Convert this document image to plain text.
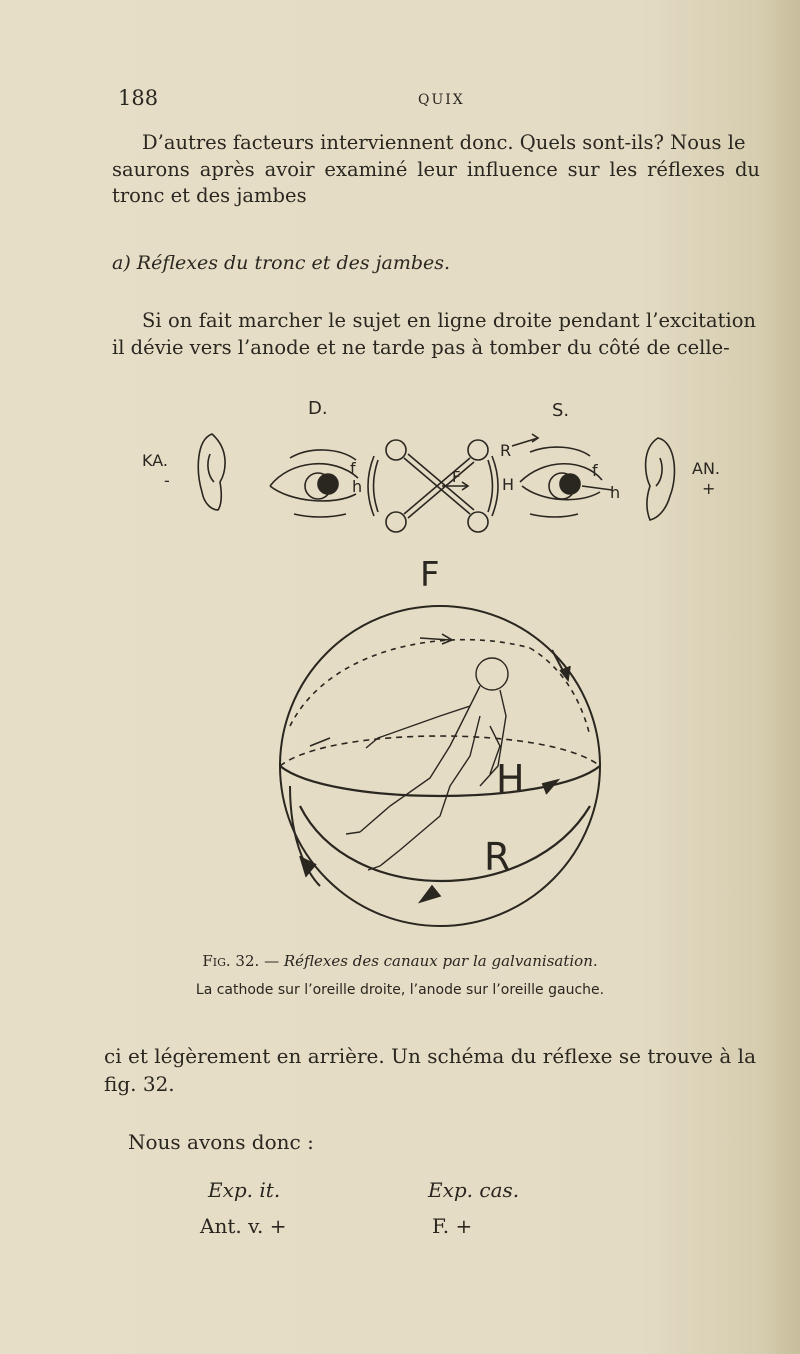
188	QUIX
D’autres facteurs interviennent donc. Quels sont-ils? Nous le
saurons après avoir examiné leur influence sur les réflexes du tronc et des jambes
a) Réflexes du tronc et des jambes.
Si on fait marcher le sujet en ligne droite pendant l’excitation il dévie vers l’anode et ne tarde pas à tomber du côté de celle-
D.	S.
KA.
-
f
h	F
R
H
f
h
AN.
+
F
H
R
Fig. 32. — Réflexes des canaux par la galvanisation.
La cathode sur l’oreille droite, l’anode sur l’oreille gauche.
ci et légèrement en arrière. Un schéma du réflexe se trouve à la fig. 32.
Nous avons donc :
Exp. it.	Exp. cas.
Ant. v. +	F. +
